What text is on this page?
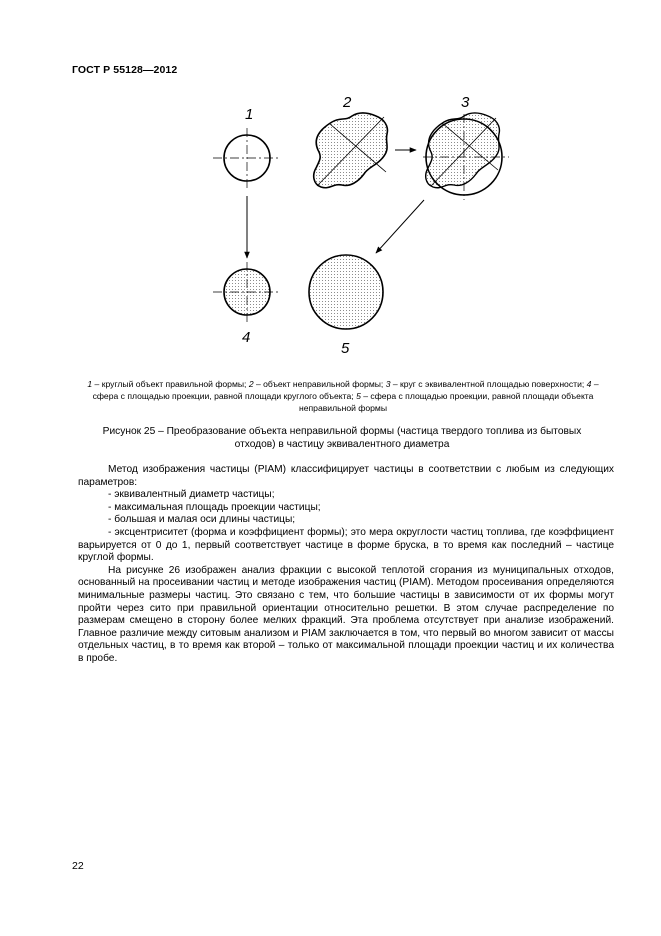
ГОСТ Р 55128—2012
1
2	3
4
5
1 – круглый объект правильной формы; 2 – объект неправильной формы; 3 – круг с эквивалентной площадью поверхности; 4 – сфера с площадью проекции, равной площади круглого объекта; 5 – сфера с площадью проекции, равной площади объекта неправильной формы
Рисунок 25 – Преобразование объекта неправильной формы (частица твердого топлива из бытовых отходов) в частицу эквивалентного диаметра

Метод изображения частицы (PIAM) классифицирует частицы в соответствии с любым из следующих параметров:

- эквивалентный диаметр частицы;

- максимальная площадь проекции частицы;

- большая и малая оси длины частицы;

- эксцентриситет (форма и коэффициент формы); это мера округлости частиц топлива, где коэффициент варьируется от 0 до 1, первый соответствует частице в форме бруска, в то время как последний – частице круглой формы.

На рисунке 26 изображен анализ фракции с высокой теплотой сгорания из муниципальных отходов, основанный на просеивании частиц и методе изображения частиц (PIAM). Методом просеивания определяются минимальные размеры частиц. Это связано с тем, что большие частицы в зависимости от их формы могут пройти через сито при правильной ориентации относительно решетки. В этом случае распределение по размерам смещено в сторону более мелких фракций. Эта проблема отсутствует при анализе изображений. Главное различие между ситовым анализом и PIAM заключается в том, что первый во многом зависит от массы отдельных частиц, в то время как второй – только от максимальной площади проекции частиц и их количества в пробе.

22
